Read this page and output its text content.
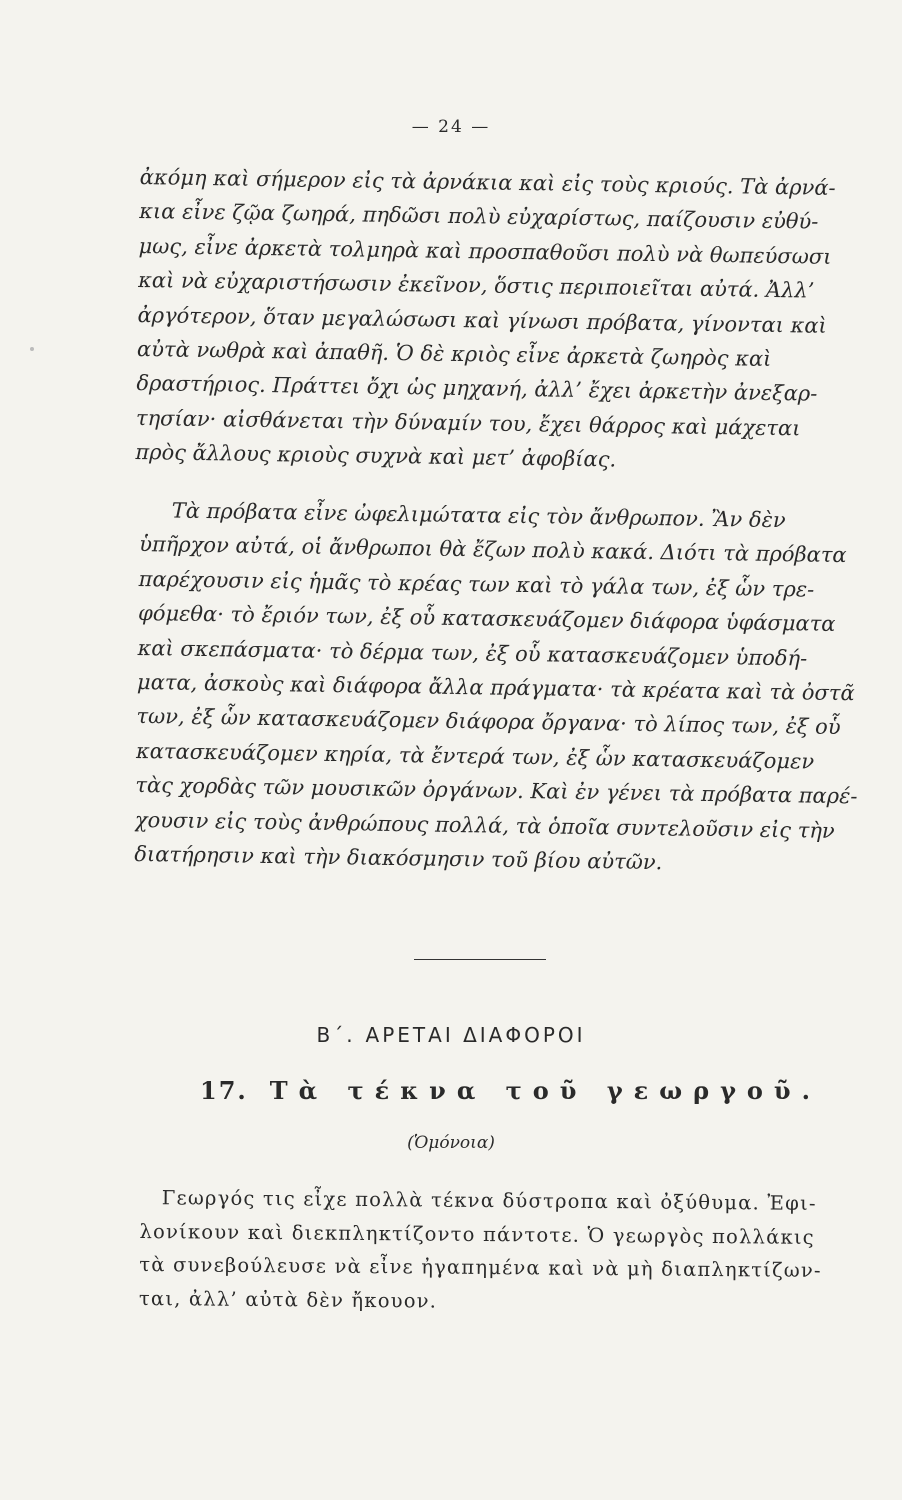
— 24 —
ἀκόμη καὶ σήμερον εἰς τὰ ἀρνάκια καὶ εἰς τοὺς κριούς. Τὰ ἀρνά-
κια εἶνε ζῷα ζωηρά, πηδῶσι πολὺ εὐχαρίστως, παίζουσιν εὐθύ-
μως, εἶνε ἀρκετὰ τολμηρὰ καὶ προσπαθοῦσι πολὺ νὰ θωπεύσωσι
καὶ νὰ εὐχαριστήσωσιν ἐκεῖνον, ὅστις περιποιεῖται αὐτά. Ἀλλ’
ἀργότερον, ὅταν μεγαλώσωσι καὶ γίνωσι πρόβατα, γίνονται καὶ
αὐτὰ νωθρὰ καὶ ἀπαθῆ. Ὁ δὲ κριὸς εἶνε ἀρκετὰ ζωηρὸς καὶ
δραστήριος. Πράττει ὄχι ὡς μηχανή, ἀλλ’ ἔχει ἀρκετὴν ἀνεξαρ-
τησίαν· αἰσθάνεται τὴν δύναμίν του, ἔχει θάρρος καὶ μάχεται
πρὸς ἄλλους κριοὺς συχνὰ καὶ μετ’ ἀφοβίας.
Τὰ πρόβατα εἶνε ὠφελιμώτατα εἰς τὸν ἄνθρωπον. Ἂν δὲν
ὑπῆρχον αὐτά, οἱ ἄνθρωποι θὰ ἔζων πολὺ κακά. Διότι τὰ πρόβατα
παρέχουσιν εἰς ἡμᾶς τὸ κρέας των καὶ τὸ γάλα των, ἐξ ὧν τρε-
φόμεθα· τὸ ἔριόν των, ἐξ οὗ κατασκευάζομεν διάφορα ὑφάσματα
καὶ σκεπάσματα· τὸ δέρμα των, ἐξ οὗ κατασκευάζομεν ὑποδή-
ματα, ἀσκοὺς καὶ διάφορα ἄλλα πράγματα· τὰ κρέατα καὶ τὰ ὀστᾶ
των, ἐξ ὧν κατασκευάζομεν διάφορα ὄργανα· τὸ λίπος των, ἐξ οὗ
κατασκευάζομεν κηρία, τὰ ἔντερά των, ἐξ ὧν κατασκευάζομεν
τὰς χορδὰς τῶν μουσικῶν ὀργάνων. Καὶ ἐν γένει τὰ πρόβατα παρέ-
χουσιν εἰς τοὺς ἀνθρώπους πολλά, τὰ ὁποῖα συντελοῦσιν εἰς τὴν
διατήρησιν καὶ τὴν διακόσμησιν τοῦ βίου αὐτῶν.
Β΄. ΑΡΕΤΑΙ ΔΙΑΦΟΡΟΙ
17. Τὰ τέκνα τοῦ γεωργοῦ.
(Ὁμόνοια)
Γεωργός τις εἶχε πολλὰ τέκνα δύστροπα καὶ ὀξύθυμα. Ἐφι-
λονίκουν καὶ διεκπληκτίζοντο πάντοτε. Ὁ γεωργὸς πολλάκις
τὰ συνεβούλευσε νὰ εἶνε ἠγαπημένα καὶ νὰ μὴ διαπληκτίζων-
ται, ἀλλ’ αὐτὰ δὲν ἤκουον.
